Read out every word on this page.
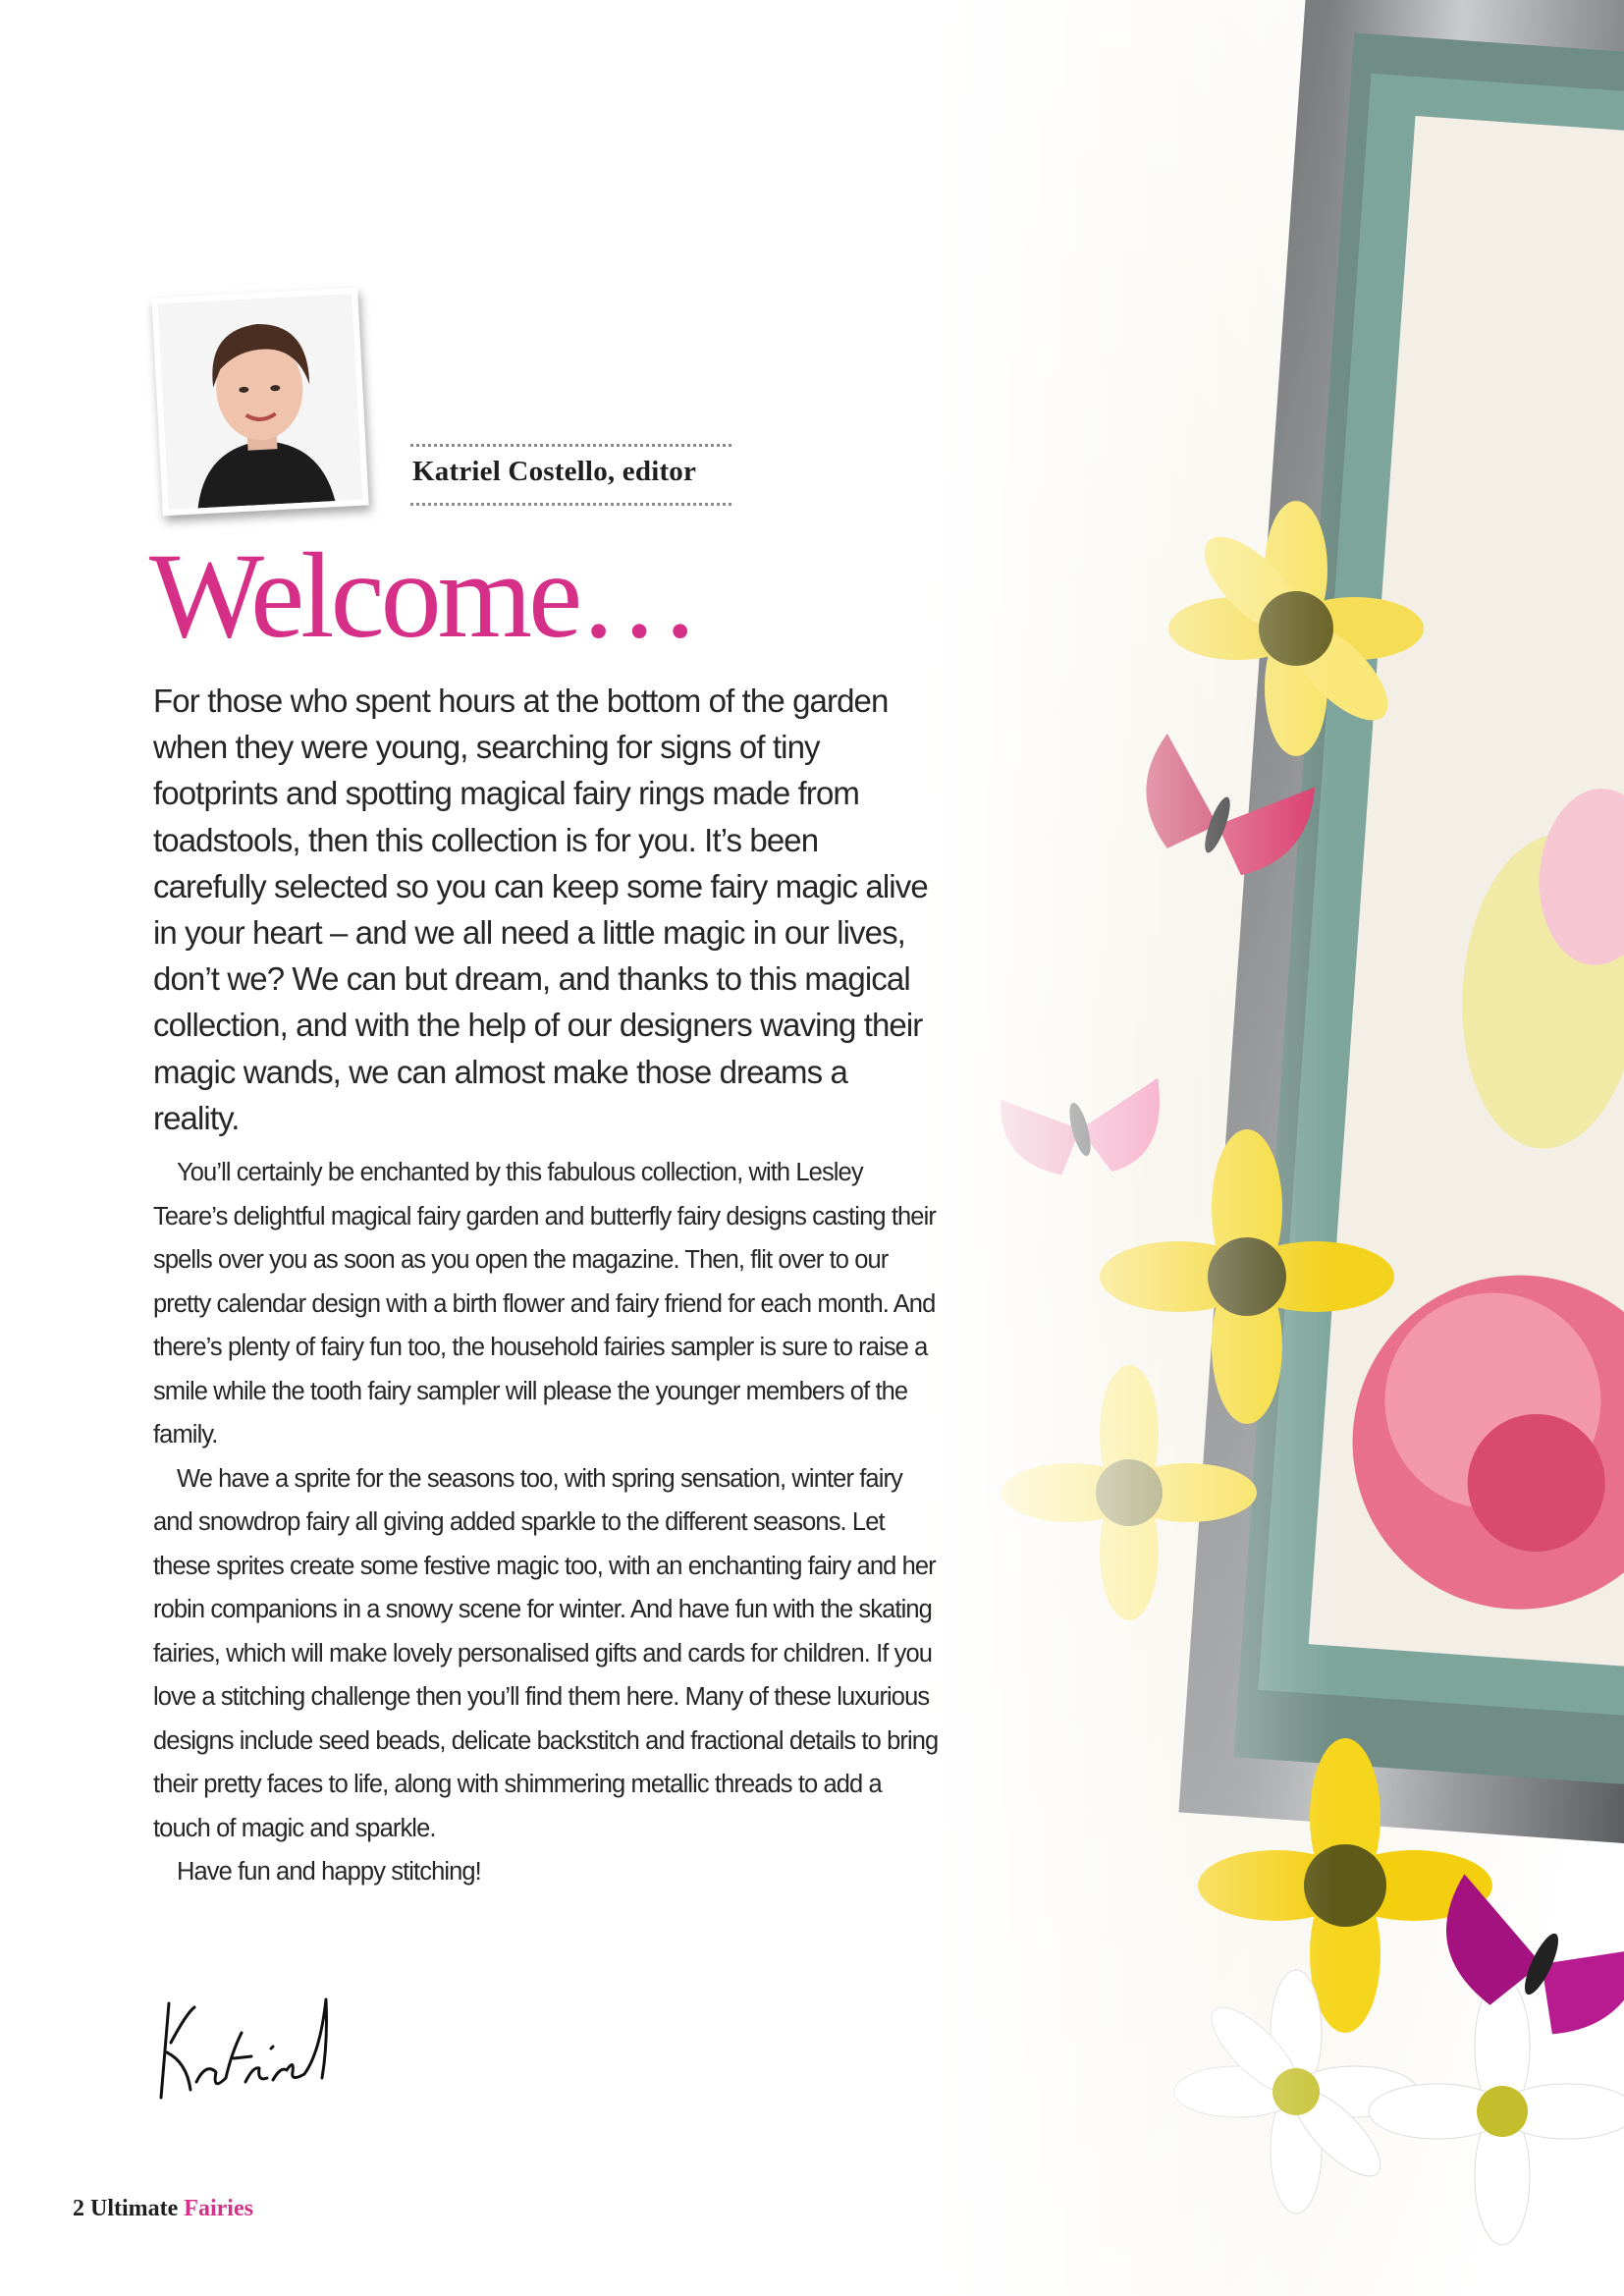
Katriel Costello, editor
Welcome…

For those who spent hours at the bottom of the garden when they were young, searching for signs of tiny footprints and spotting magical fairy rings made from toadstools, then this collection is for you. It’s been carefully selected so you can keep some fairy magic alive in your heart – and we all need a little magic in our lives, don’t we? We can but dream, and thanks to this magical collection, and with the help of our designers waving their magic wands, we can almost make those dreams a reality.

You’ll certainly be enchanted by this fabulous collection, with Lesley Teare’s delightful magical fairy garden and butterfly fairy designs casting their spells over you as soon as you open the magazine. Then, flit over to our pretty calendar design with a birth flower and fairy friend for each month. And there’s plenty of fairy fun too, the household fairies sampler is sure to raise a smile while the tooth fairy sampler will please the younger members of the family.

We have a sprite for the seasons too, with spring sensation, winter fairy and snowdrop fairy all giving added sparkle to the different seasons. Let these sprites create some festive magic too, with an enchanting fairy and her robin companions in a snowy scene for winter. And have fun with the skating fairies, which will make lovely personalised gifts and cards for children. If you love a stitching challenge then you’ll find them here. Many of these luxurious designs include seed beads, delicate backstitch and fractional details to bring their pretty faces to life, along with shimmering metallic threads to add a touch of magic and sparkle.

Have fun and happy stitching!

2 Ultimate Fairies
